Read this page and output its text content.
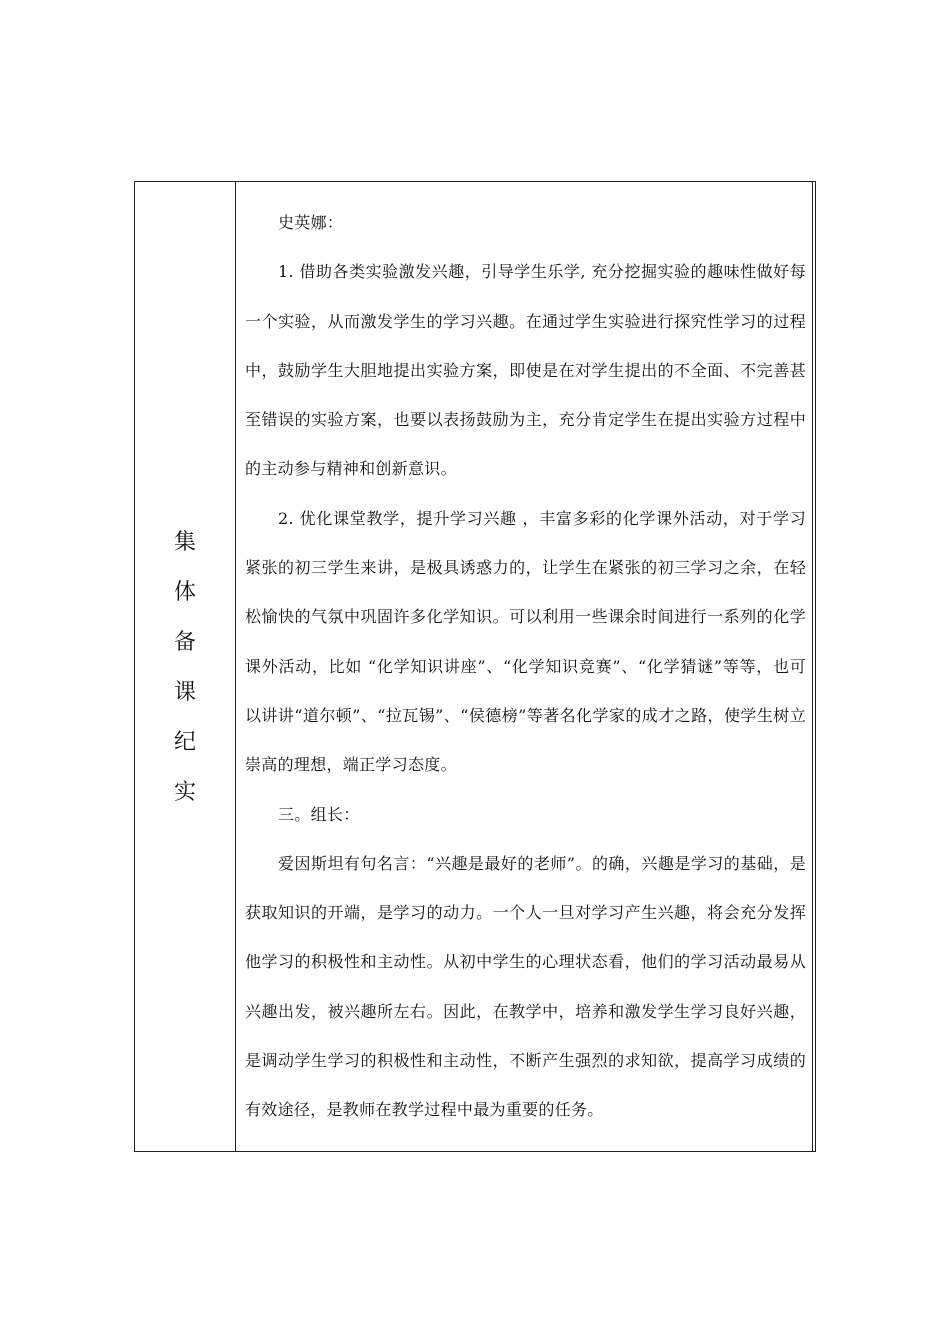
集
体
备
课
纪
实

史英娜：

1. 借助各类实验激发兴趣，引导学生乐学, 充分挖掘实验的趣味性做好每一个实验，从而激发学生的学习兴趣。在通过学生实验进行探究性学习的过程中，鼓励学生大胆地提出实验方案，即使是在对学生提出的不全面、不完善甚至错误的实验方案，也要以表扬鼓励为主，充分肯定学生在提出实验方过程中的主动参与精神和创新意识。

2. 优化课堂教学，提升学习兴趣 ，丰富多彩的化学课外活动，对于学习紧张的初三学生来讲，是极具诱惑力的，让学生在紧张的初三学习之余，在轻松愉快的气氛中巩固许多化学知识。可以利用一些课余时间进行一系列的化学课外活动，比如 “化学知识讲座”、“化学知识竞赛”、“化学猜谜”等等，也可以讲讲“道尔顿”、“拉瓦锡”、“侯德榜”等著名化学家的成才之路，使学生树立崇高的理想，端正学习态度。

三。组长：

爱因斯坦有句名言：“兴趣是最好的老师”。的确，兴趣是学习的基础，是获取知识的开端，是学习的动力。一个人一旦对学习产生兴趣，将会充分发挥他学习的积极性和主动性。从初中学生的心理状态看，他们的学习活动最易从兴趣出发，被兴趣所左右。因此，在教学中，培养和激发学生学习良好兴趣，是调动学生学习的积极性和主动性，不断产生强烈的求知欲，提高学习成绩的有效途径，是教师在教学过程中最为重要的任务。
